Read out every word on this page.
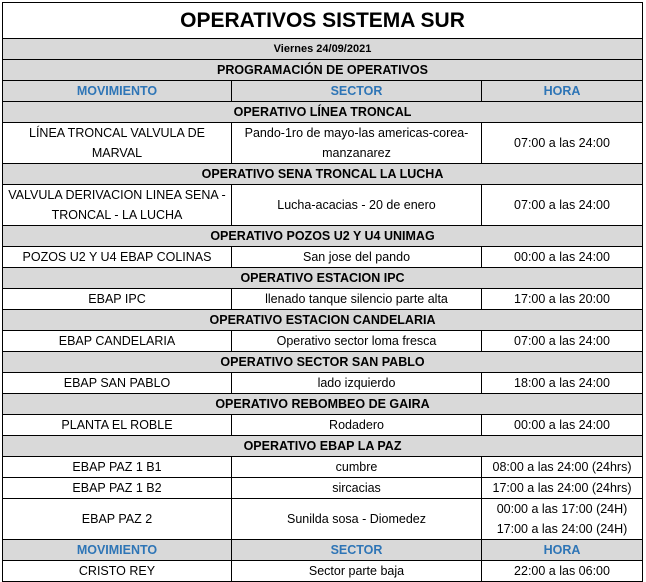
OPERATIVOS SISTEMA SUR		
Viernes 24/09/2021		
PROGRAMACIÓN DE OPERATIVOS		
MOVIMIENTO	SECTOR	HORA
OPERATIVO LÍNEA TRONCAL		
LÍNEA TRONCAL VALVULA DE MARVAL	Pando-1ro de mayo-las americas-corea-manzanarez	07:00 a las 24:00

OPERATIVO SENA TRONCAL LA LUCHA		
VALVULA DERIVACION LINEA SENA - TRONCAL - LA LUCHA	Lucha-acacias - 20 de enero	07:00 a las 24:00

OPERATIVO POZOS U2 Y U4 UNIMAG		
POZOS U2 Y U4 EBAP COLINAS	San jose del pando	00:00 a las 24:00

OPERATIVO ESTACION IPC		
EBAP IPC	llenado tanque silencio parte alta	17:00 a las 20:00

OPERATIVO ESTACION CANDELARIA		
EBAP CANDELARIA	Operativo sector loma fresca	07:00 a las 24:00

OPERATIVO SECTOR SAN PABLO		
EBAP SAN PABLO	lado izquierdo	18:00 a las 24:00

OPERATIVO REBOMBEO DE GAIRA		
PLANTA EL ROBLE	Rodadero	00:00 a las 24:00

OPERATIVO EBAP LA PAZ		
EBAP PAZ 1 B1	cumbre	08:00 a las 24:00 (24hrs)

EBAP PAZ 1 B2	sircacias	17:00 a las 24:00 (24hrs)

EBAP PAZ 2	Sunilda sosa - Diomedez	00:00 a las 17:00 (24H)
17:00 a las 24:00 (24H)

MOVIMIENTO	SECTOR	HORA
CRISTO REY	Sector parte baja	22:00 a las 06:00
